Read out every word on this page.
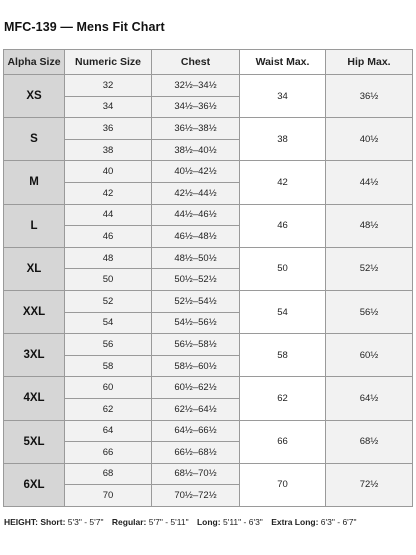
MFC-139 — Mens Fit Chart
Alpha Size	Numeric Size	Chest	Waist Max.	Hip Max.
XS	32	32½–34½	34	36½
	34	34½–36½		
S	36	36½–38½	38	40½
	38	38½–40½		
M	40	40½–42½	42	44½
	42	42½–44½		
L	44	44½–46½	46	48½
	46	46½–48½		
XL	48	48½–50½	50	52½
	50	50½–52½		
XXL	52	52½–54½	54	56½
	54	54½–56½		
3XL	56	56½–58½	58	60½
	58	58½–60½		
4XL	60	60½–62½	62	64½
	62	62½–64½		
5XL	64	64½–66½	66	68½
	66	66½–68½		
6XL	68	68½–70½	70	72½
	70	70½–72½		
HEIGHT: Short: 5'3" - 5'7" Regular: 5'7" - 5'11" Long: 5'11" - 6'3" Extra Long: 6'3" - 6'7"
